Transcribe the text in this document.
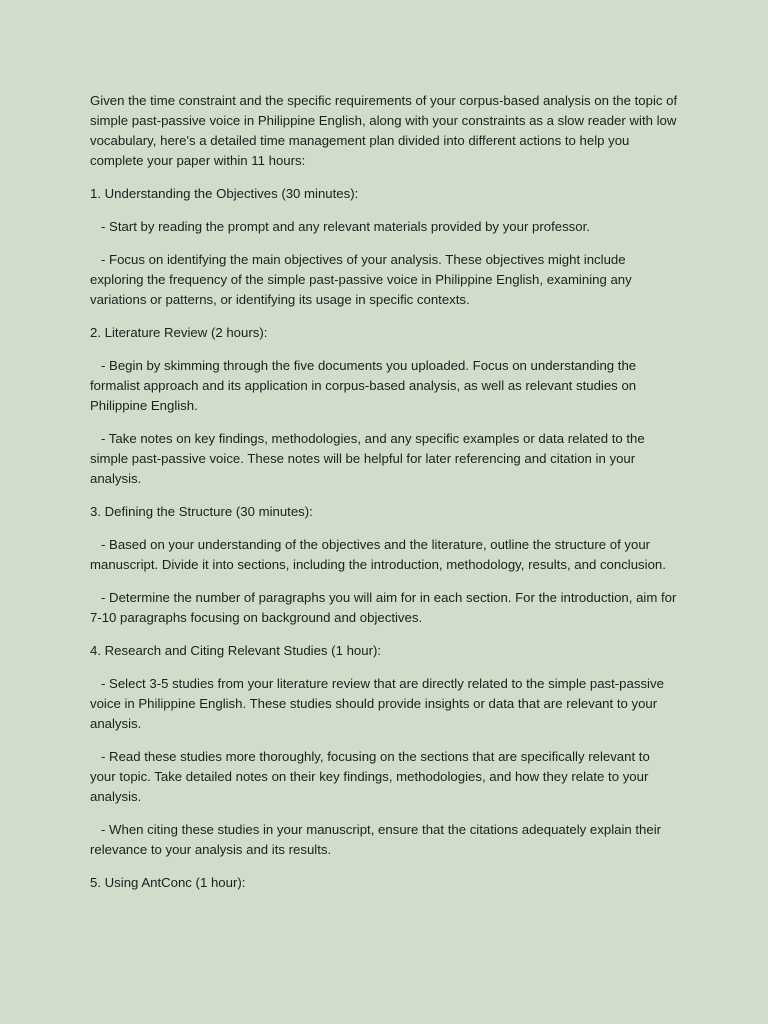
Given the time constraint and the specific requirements of your corpus-based analysis on the topic of simple past-passive voice in Philippine English, along with your constraints as a slow reader with low vocabulary, here's a detailed time management plan divided into different actions to help you complete your paper within 11 hours:

1. Understanding the Objectives (30 minutes):

- Start by reading the prompt and any relevant materials provided by your professor.

- Focus on identifying the main objectives of your analysis. These objectives might include exploring the frequency of the simple past-passive voice in Philippine English, examining any variations or patterns, or identifying its usage in specific contexts.

2. Literature Review (2 hours):

- Begin by skimming through the five documents you uploaded. Focus on understanding the formalist approach and its application in corpus-based analysis, as well as relevant studies on Philippine English.

- Take notes on key findings, methodologies, and any specific examples or data related to the simple past-passive voice. These notes will be helpful for later referencing and citation in your analysis.

3. Defining the Structure (30 minutes):

- Based on your understanding of the objectives and the literature, outline the structure of your manuscript. Divide it into sections, including the introduction, methodology, results, and conclusion.

- Determine the number of paragraphs you will aim for in each section. For the introduction, aim for 7-10 paragraphs focusing on background and objectives.

4. Research and Citing Relevant Studies (1 hour):

- Select 3-5 studies from your literature review that are directly related to the simple past-passive voice in Philippine English. These studies should provide insights or data that are relevant to your analysis.

- Read these studies more thoroughly, focusing on the sections that are specifically relevant to your topic. Take detailed notes on their key findings, methodologies, and how they relate to your analysis.

- When citing these studies in your manuscript, ensure that the citations adequately explain their relevance to your analysis and its results.

5. Using AntConc (1 hour):
